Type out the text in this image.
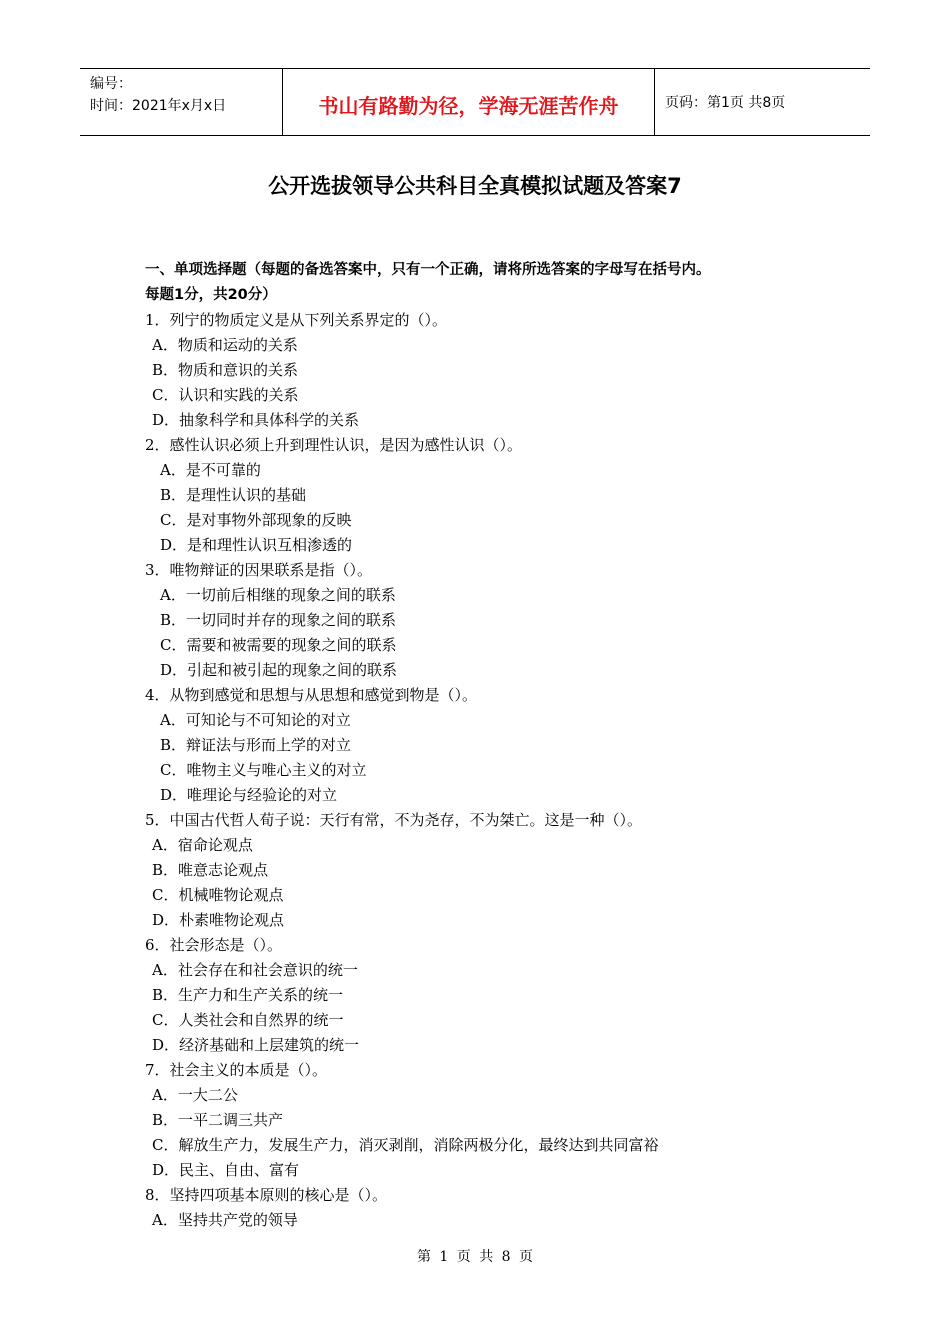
编号：
时间：2021年x月x日	书山有路勤为径，学海无涯苦作舟	页码：第1页 共8页
公开选拔领导公共科目全真模拟试题及答案7
一、单项选择题（每题的备选答案中，只有一个正确，请将所选答案的字母写在括号内。
每题1分，共20分）
1．列宁的物质定义是从下列关系界定的（）。
A．物质和运动的关系
B．物质和意识的关系
C．认识和实践的关系
D．抽象科学和具体科学的关系
2．感性认识必须上升到理性认识，是因为感性认识（）。
A．是不可靠的
B．是理性认识的基础
C．是对事物外部现象的反映
D．是和理性认识互相渗透的
3．唯物辩证的因果联系是指（）。
A．一切前后相继的现象之间的联系
B．一切同时并存的现象之间的联系
C．需要和被需要的现象之间的联系
D．引起和被引起的现象之间的联系
4．从物到感觉和思想与从思想和感觉到物是（）。
A．可知论与不可知论的对立
B．辩证法与形而上学的对立
C．唯物主义与唯心主义的对立
D．唯理论与经验论的对立
5．中国古代哲人荀子说：天行有常，不为尧存，不为桀亡。这是一种（）。
A．宿命论观点
B．唯意志论观点
C．机械唯物论观点
D．朴素唯物论观点
6．社会形态是（）。
A．社会存在和社会意识的统一
B．生产力和生产关系的统一
C．人类社会和自然界的统一
D．经济基础和上层建筑的统一
7．社会主义的本质是（）。
A．一大二公
B．一平二调三共产
C．解放生产力，发展生产力，消灭剥削，消除两极分化，最终达到共同富裕
D．民主、自由、富有
8．坚持四项基本原则的核心是（）。
A．坚持共产党的领导
第 1 页 共 8 页
